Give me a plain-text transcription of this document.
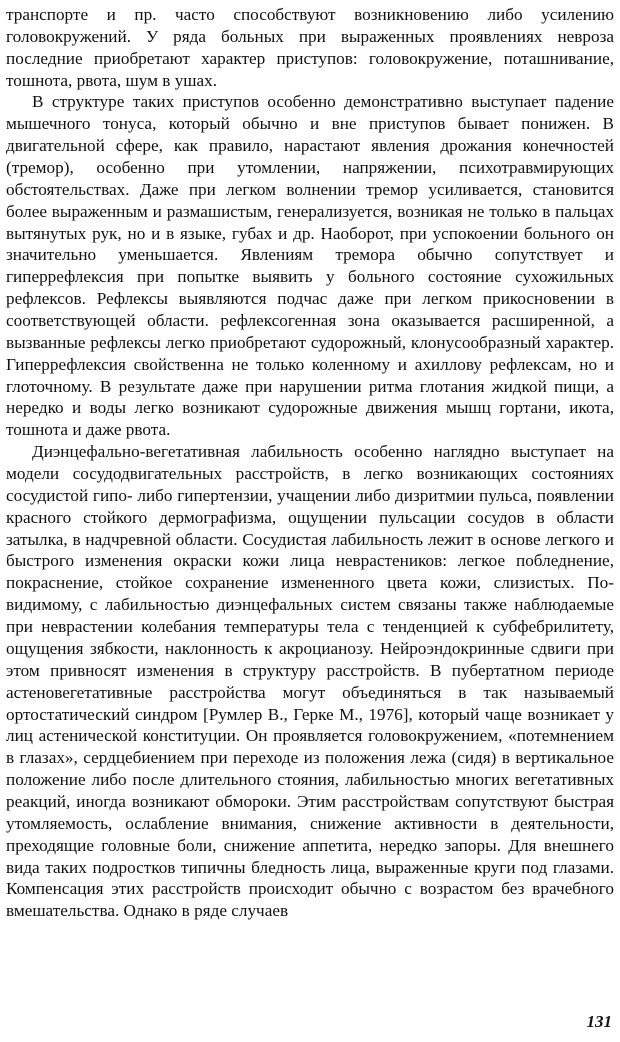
транспорте и пр. часто способствуют возникновению либо усилению головокружений. У ряда больных при выраженных проявлениях невроза последние приобретают характер приступов: головокружение, поташнивание, тошнота, рвота, шум в ушах.

В структуре таких приступов особенно демонстративно выступает падение мышечного тонуса, который обычно и вне приступов бывает понижен. В двигательной сфере, как правило, нарастают явления дрожания конечностей (тремор), особенно при утомлении, напряжении, психотравмирующих обстоятельствах. Даже при легком волнении тремор усиливается, становится более выраженным и размашистым, генерализуется, возникая не только в пальцах вытянутых рук, но и в языке, губах и др. Наоборот, при успокоении больного он значительно уменьшается. Явлениям тремора обычно сопутствует и гиперрефлексия при попытке выявить у больного состояние сухожильных рефлексов. Рефлексы выявляются подчас даже при легком прикосновении в соответствующей области. рефлексогенная зона оказывается расширенной, а вызванные рефлексы легко приобретают судорожный, клонусообразный характер. Гиперрефлексия свойственна не только коленному и ахиллову рефлексам, но и глоточному. В результате даже при нарушении ритма глотания жидкой пищи, а нередко и воды легко возникают судорожные движения мышц гортани, икота, тошнота и даже рвота.

Диэнцефально-вегетативная лабильность особенно наглядно выступает на модели сосудодвигательных расстройств, в легко возникающих состояниях сосудистой гипо- либо гипертензии, учащении либо дизритмии пульса, появлении красного стойкого дермографизма, ощущении пульсации сосудов в области затылка, в надчревной области. Сосудистая лабильность лежит в основе легкого и быстрого изменения окраски кожи лица неврастеников: легкое побледнение, покраснение, стойкое сохранение измененного цвета кожи, слизистых. По-видимому, с лабильностью диэнцефальных систем связаны также наблюдаемые при неврастении колебания температуры тела с тенденцией к субфебрилитету, ощущения зябкости, наклонность к акроцианозу. Нейроэндокринные сдвиги при этом привносят изменения в структуру расстройств. В пубертатном периоде астеновегетативные расстройства могут объединяться в так называемый ортостатический синдром [Румлер В., Герке М., 1976], который чаще возникает у лиц астенической конституции. Он проявляется головокружением, «потемнением в глазах», сердцебиением при переходе из положения лежа (сидя) в вертикальное положение либо после длительного стояния, лабильностью многих вегетативных реакций, иногда возникают обмороки. Этим расстройствам сопутствуют быстрая утомляемость, ослабление внимания, снижение активности в деятельности, преходящие головные боли, снижение аппетита, нередко запоры. Для внешнего вида таких подростков типичны бледность лица, выраженные круги под глазами. Компенсация этих расстройств происходит обычно с возрастом без врачебного вмешательства. Однако в ряде случаев

131
